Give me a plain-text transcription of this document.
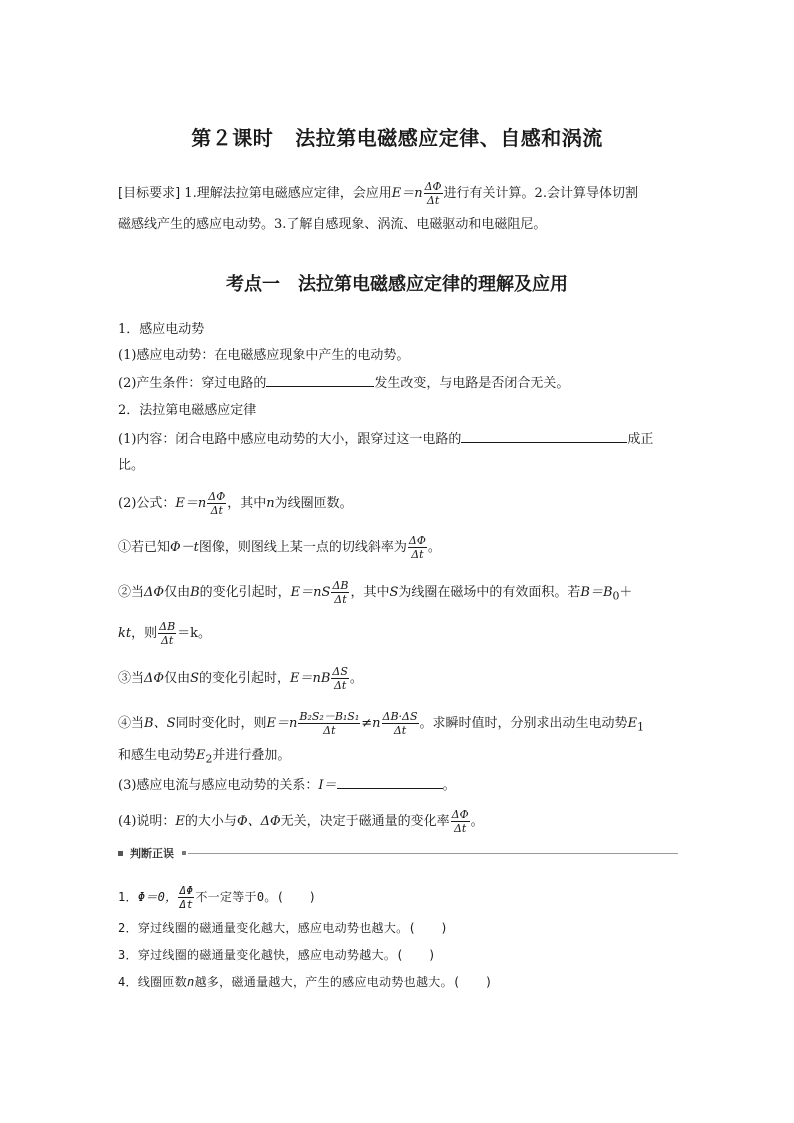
第２课时 法拉第电磁感应定律、自感和涡流
[目标要求] 1.理解法拉第电磁感应定律，会应用$E=n \frac{\Delta\Phi}{\Delta t}$ 进行有关计算。2.会计算导体切割
磁感线产生的感应电动势。3.了解自感现象、涡流、电磁驱动和电磁阻尼。
考点一 法拉第电磁感应定律的理解及应用
1．感应电动势
(1)感应电动势：在电磁感应现象中产生的电动势。
(2)产生条件：穿过电路的	发生改变，与电路是否闭合无关。
2．法拉第电磁感应定律
(1)内容：闭合电路中感应电动势的大小，跟穿过这一电路的	成正
比。
(2)公式：$E=n \frac{\Delta\Phi}{\Delta t}$ ，其中n为线圈匝数。
①若已知Φ－t图像，则图线上某一点的切线斜率为 $\frac{\Delta\Phi}{\Delta t}$ 。
②当ΔΦ仅由B的变化引起时，$E=nS \frac{\Delta B}{\Delta t}$ ，其中S为线圈在磁场中的有效面积。若$B=B_0+$
kt，则 $\frac{\Delta B}{\Delta t} =k$。
③当ΔΦ仅由S的变化引起时，$E=nB \frac{\Delta S}{\Delta t}$ 。
④当B、S同时变化时，则$E=n \frac{\text{B₂S₂－B₁S₁}}{\Delta t} \ne n \frac{\Delta B\cdot\Delta S}{\Delta t}$ 。求瞬时值时，分别求出动生电动势$E_1$
和感生电动势$E_2$并进行叠加。
(3)感应电流与感应电动势的关系：I＝	。
(4)说明：E的大小与Φ、ΔΦ无关，决定于磁通量的变化率 $\frac{\Delta\Phi}{\Delta t}$ 。
判断正误
1．Φ＝0， $\frac{\Delta\Phi}{\Delta t}$ 不一定等于0。(　　)
2．穿过线圈的磁通量变化越大，感应电动势也越大。(　　)
3．穿过线圈的磁通量变化越快，感应电动势越大。(　　)
4．线圈匝数n越多，磁通量越大，产生的感应电动势也越大。(　　)
